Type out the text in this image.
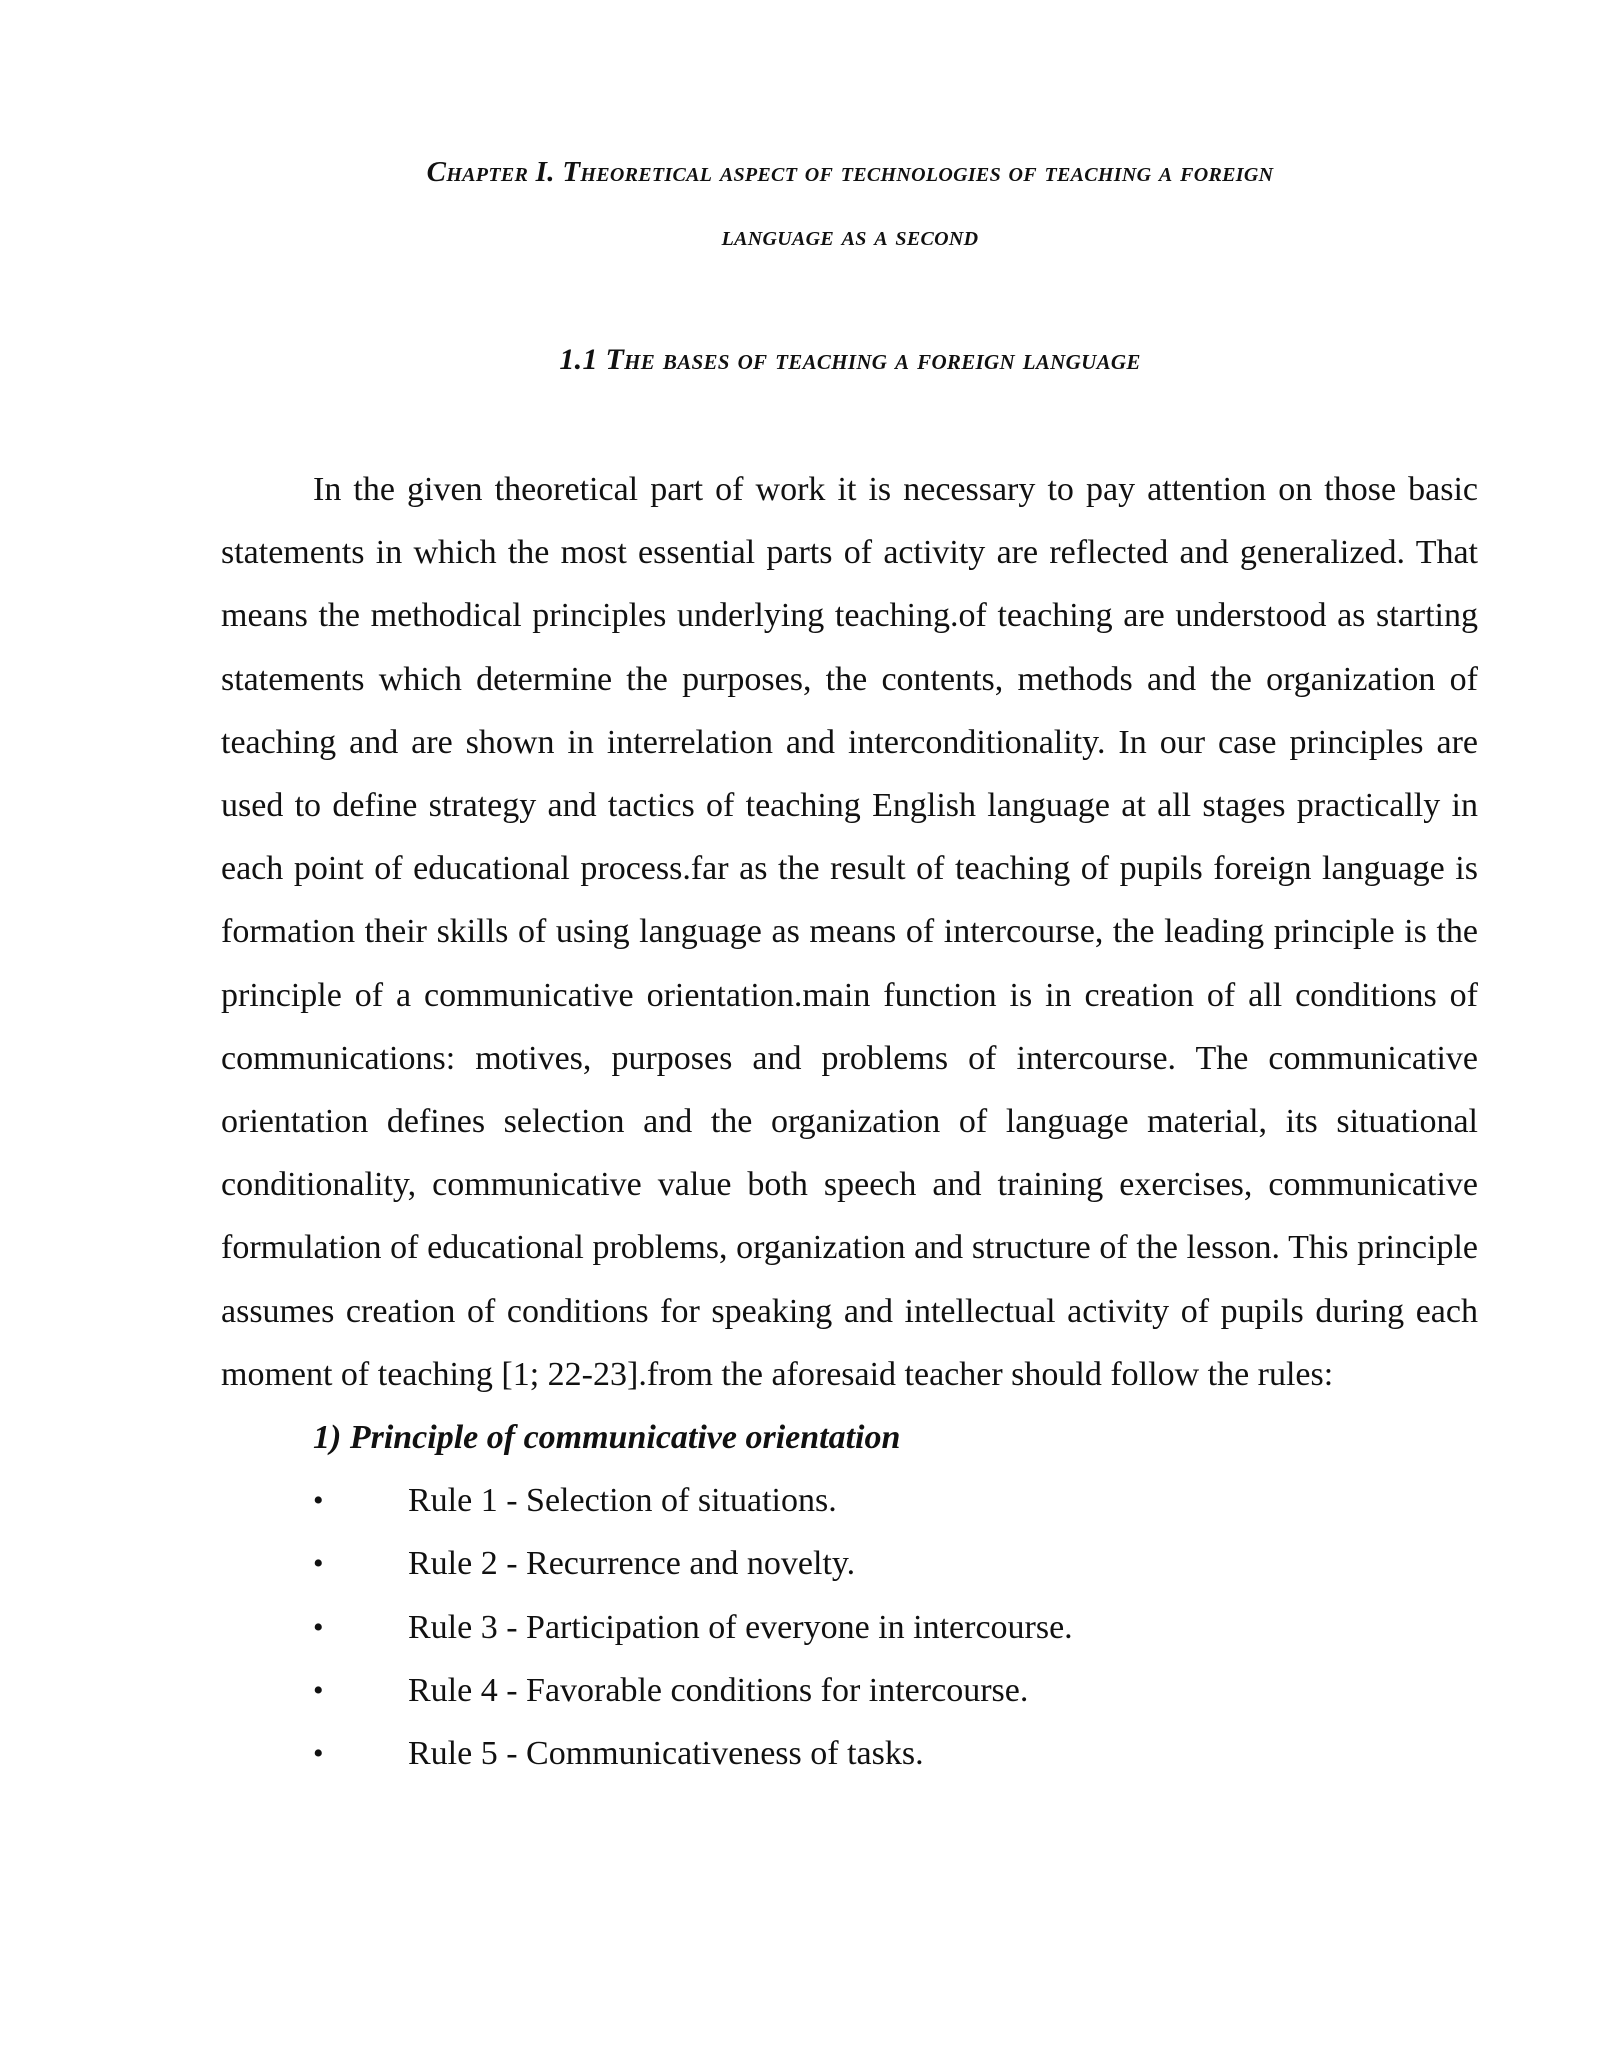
Chapter I. Theoretical aspect of technologies of teaching a foreign
language as a second
1.1 The bases of teaching a foreign language

In the given theoretical part of work it is necessary to pay attention on those basic statements in which the most essential parts of activity are reflected and generalized. That means the methodical principles underlying teaching.of teaching are understood as starting statements which determine the purposes, the contents, methods and the organization of teaching and are shown in interrelation and interconditionality. In our case principles are used to define strategy and tactics of teaching English language at all stages practically in each point of educational process.far as the result of teaching of pupils foreign language is formation their skills of using language as means of intercourse, the leading principle is the principle of a communicative orientation.main function is in creation of all conditions of communications: motives, purposes and problems of intercourse. The communicative orientation defines selection and the organization of language material, its situational conditionality, communicative value both speech and training exercises, communicative formulation of educational problems, organization and structure of the lesson. This principle assumes creation of conditions for speaking and intellectual activity of pupils during each moment of teaching [1; 22-23].from the aforesaid teacher should follow the rules:

1) Principle of communicative orientation

• Rule 1 - Selection of situations.
• Rule 2 - Recurrence and novelty.
• Rule 3 - Participation of everyone in intercourse.
• Rule 4 - Favorable conditions for intercourse.
• Rule 5 - Communicativeness of tasks.
